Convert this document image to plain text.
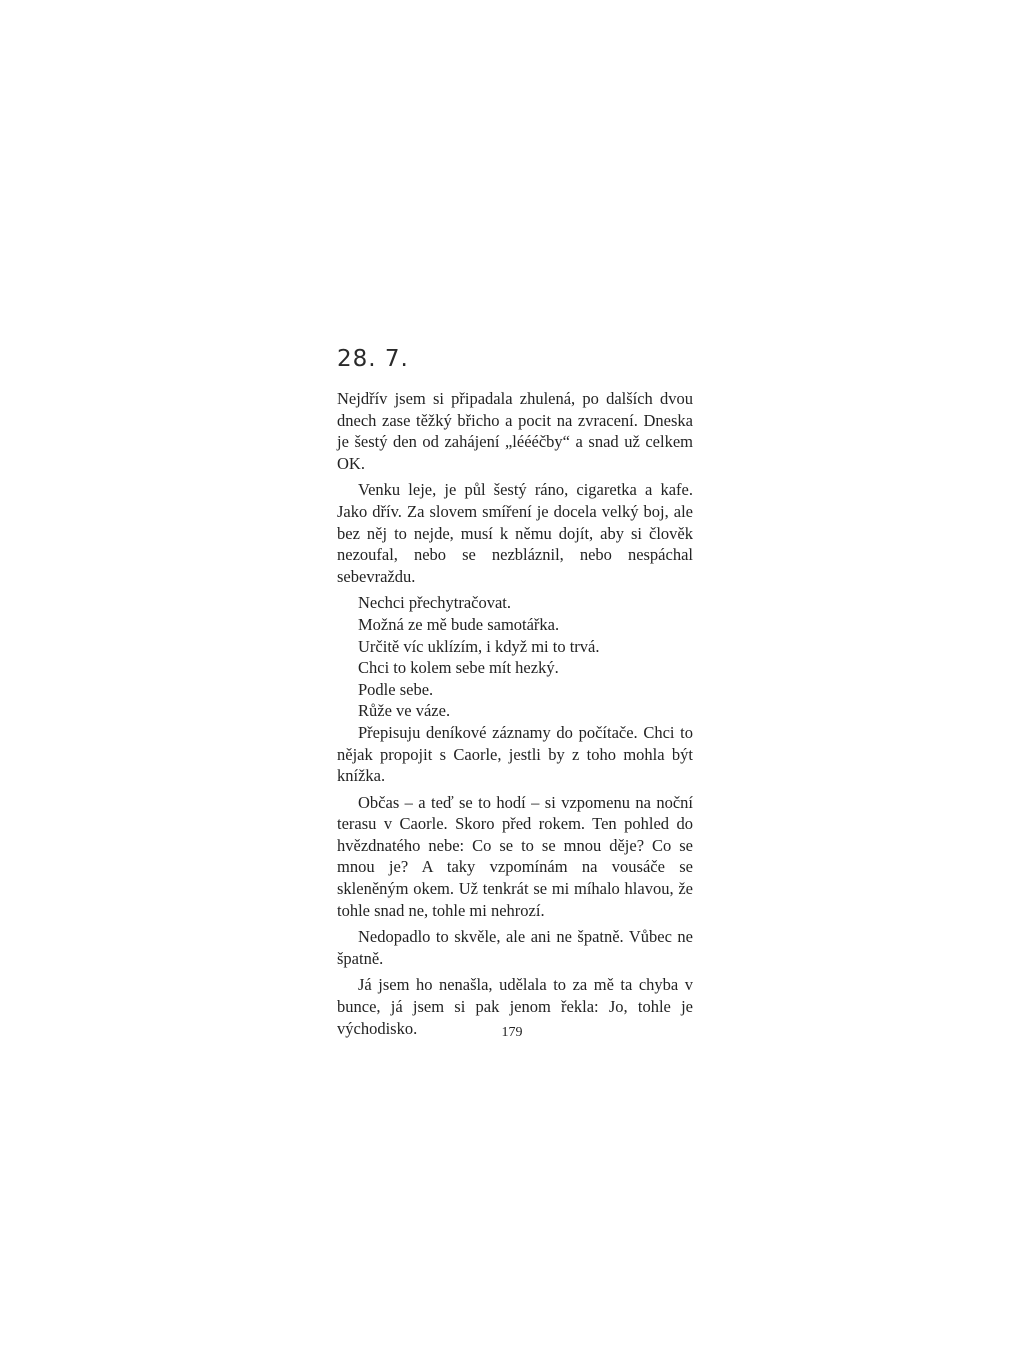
28. 7.

Nejdřív jsem si připadala zhulená, po dalších dvou dnech zase těžký břicho a pocit na zvracení. Dneska je šestý den od zahájení „léééčby“ a snad už celkem OK.

Venku leje, je půl šestý ráno, cigaretka a kafe. Jako dřív. Za slovem smíření je docela velký boj, ale bez něj to nejde, musí k němu dojít, aby si člověk nezoufal, nebo se nezbláznil, nebo nespáchal sebevraždu.

Nechci přechytračovat.

Možná ze mě bude samotářka.

Určitě víc uklízím, i když mi to trvá.

Chci to kolem sebe mít hezký.

Podle sebe.

Růže ve váze.

Přepisuju deníkové záznamy do počítače. Chci to nějak propojit s Caorle, jestli by z toho mohla být knížka.

Občas – a teď se to hodí – si vzpomenu na noční terasu v Caorle. Skoro před rokem. Ten pohled do hvězdnatého nebe: Co se to se mnou děje? Co se mnou je? A taky vzpomínám na vousáče se skleněným okem. Už tenkrát se mi míhalo hlavou, že tohle snad ne, tohle mi nehrozí.

Nedopadlo to skvěle, ale ani ne špatně. Vůbec ne špatně.

Já jsem ho nenašla, udělala to za mě ta chyba v bunce, já jsem si pak jenom řekla: Jo, tohle je východisko.	179
